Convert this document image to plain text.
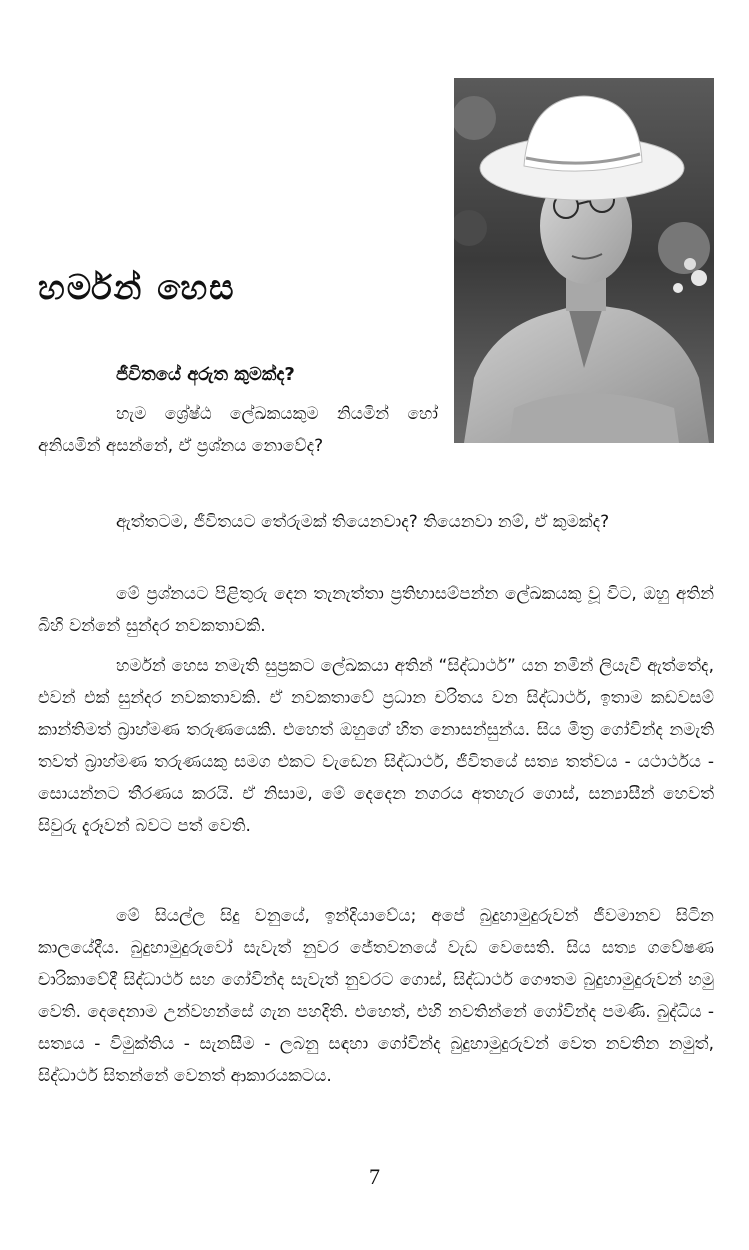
හර්මන් හෙස
ජීවිතයේ අරුත කුමක්ද?

හැම ශ්‍රේෂ්ඨ ලේඛකයකුම නියමින් හෝ අනියමින් අසන්නේ, ඒ ප්‍රශ්නය නොවේද?

ඇත්තටම, ජීවිතයට තේරුමක් තියෙනවාද? තියෙනවා නම්, ඒ කුමක්ද?

මේ ප්‍රශ්නයට පිළිතුරු දෙන තැනැත්තා ප්‍රතිභාසම්පන්න ලේඛකයකු වූ විට, ඔහු අතින් බිහි වන්නේ සුන්දර නවකතාවකි.

හර්මන් හෙස නමැති සුප්‍රකට ලේඛකයා අතින් “සිද්ධාර්ථ” යන නමින් ලියැවී ඇත්තේද, එවන් එක් සුන්දර නවකතාවකි. ඒ නවකතාවේ ප්‍රධාන චරිතය වන සිද්ධාර්ථ, ඉතාම කඩවසම් කාන්තිමත් බ්‍රාහ්මණ තරුණයෙකි. එහෙත් ඔහුගේ හිත නොසන්සුන්ය. සිය මිත්‍ර ගෝවින්ද නමැති තවත් බ්‍රාහ්මණ තරුණයකු සමග එකට වැඩෙන සිද්ධාර්ථ, ජීවිතයේ සත්‍ය තත්වය - යථාර්ථය - සොයන්නට තීරණය කරයි. ඒ නිසාම, මේ දෙදෙන නගරය අතහැර ගොස්, සන්‍යාසීන් හෙවත් සිවුරු දැරූවන් බවට පත් වෙති.

මේ සියල්ල සිදු වනුයේ, ඉන්දියාවේය; අපේ බුදුහාමුදුරුවන් ජීවමානව සිටින කාලයේදීය. බුදුහාමුදුරුවෝ සැවැත් නුවර ජේතවනයේ වැඩ වෙසෙති. සිය සත්‍ය ගවේෂණ චාරිකාවේදී සිද්ධාර්ථ සහ ගෝවින්ද සැවැත් නුවරට ගොස්, සිද්ධාර්ථ ගෞතම බුදුහාමුදුරුවන් හමු වෙති. දෙදෙනාම උන්වහන්සේ ගැන පහදිති. එහෙත්, එහි නවතින්නේ ගෝවින්ද පමණි. බුද්ධිය - සත්‍යය - විමුක්තිය - සැනසීම - ලබනු සඳහා ගෝවින්ද බුදුහාමුදුරුවන් වෙත නවතින නමුත්, සිද්ධාර්ථ සිතන්නේ වෙනත් ආකාරයකටය.

7
